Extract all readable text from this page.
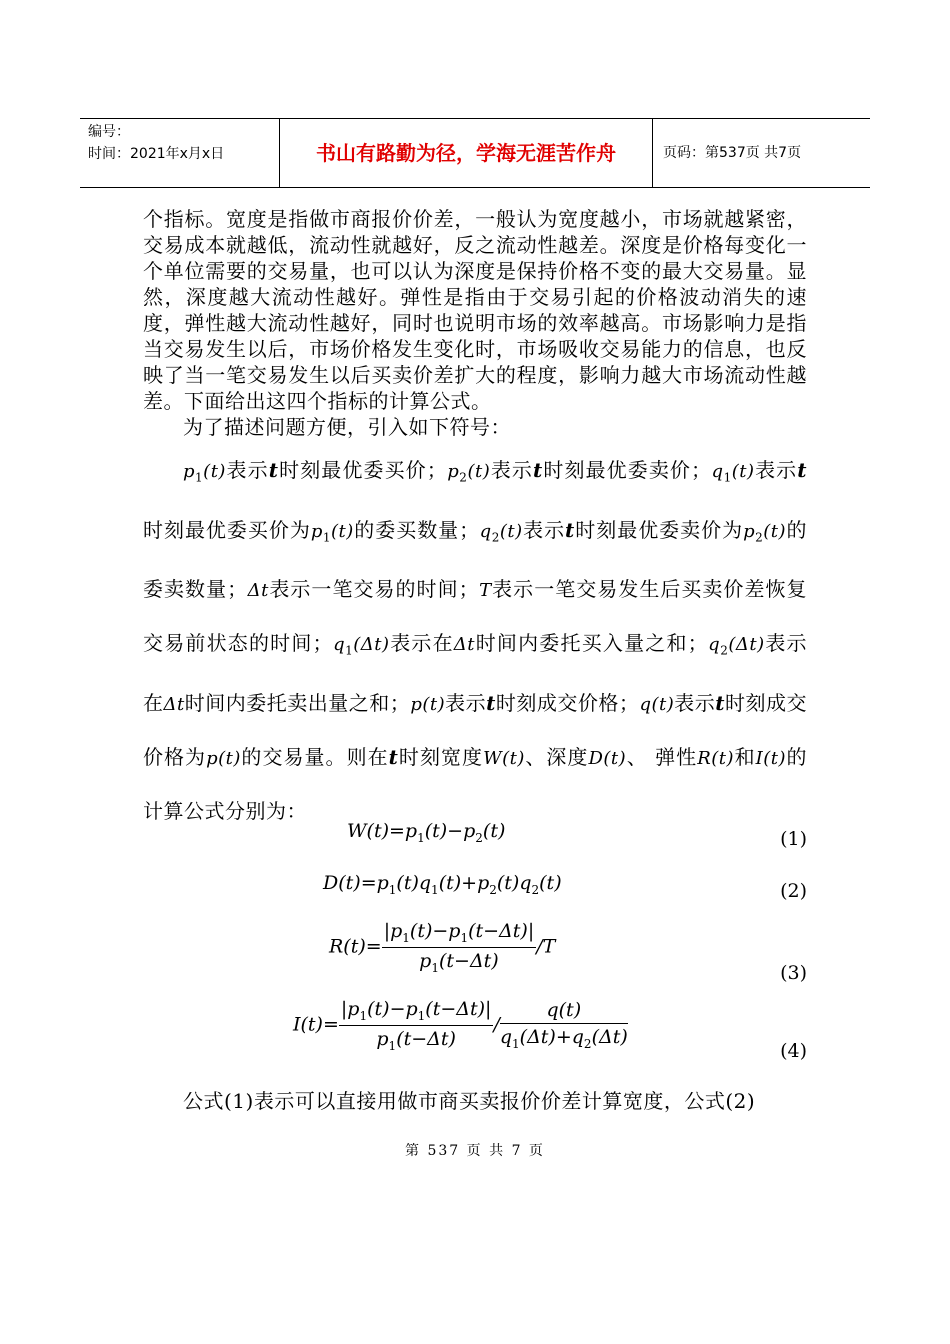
编号：
时间：2021年x月x日	书山有路勤为径，学海无涯苦作舟	页码：第537页 共7页

个指标。宽度是指做市商报价价差，一般认为宽度越小，市场就越紧密，交易成本就越低，流动性就越好，反之流动性越差。深度是价格每变化一个单位需要的交易量，也可以认为深度是保持价格不变的最大交易量。显然，深度越大流动性越好。弹性是指由于交易引起的价格波动消失的速度，弹性越大流动性越好，同时也说明市场的效率越高。市场影响力是指当交易发生以后，市场价格发生变化时，市场吸收交易能力的信息，也反映了当一笔交易发生以后买卖价差扩大的程度，影响力越大市场流动性越差。下面给出这四个指标的计算公式。

为了描述问题方便，引入如下符号：

$p_1(t)$表示t时刻最优委买价；$p_2(t)$表示t时刻最优委卖价；$q_1(t)$表示t时刻最优委买价为$p_1(t)$的委买数量；$q_2(t)$表示t时刻最优委卖价为$p_2(t)$的委卖数量；Δt表示一笔交易的时间；T表示一笔交易发生后买卖价差恢复交易前状态的时间；$q_1(\Delta t)$表示在Δt时间内委托买入量之和；$q_2(\Delta t)$表示在Δt时间内委托卖出量之和；p(t)表示t时刻成交价格；q(t)表示t时刻成交价格为p(t)的交易量。则在t时刻宽度W(t)、深度D(t)、 弹性R(t)和I(t)的计算公式分别为：

$W(t)=p_1(t)-p_2(t)$	(1)
$D(t)=p_1(t)q_1(t)+p_2(t)q_2(t)$	(2)
$R(t)= \frac{|p_1(t)-p_1(t-\Delta t)|}{p_1(t-\Delta t)} /T$
(3)
$I(t)= \frac{|p_1(t)-p_1(t-\Delta t)|}{p_1(t-\Delta t)} / \frac{q(t)}{q_1(\Delta t)+q_2(\Delta t)}$	(4)

公式(1)表示可以直接用做市商买卖报价价差计算宽度，公式(2)

第 537 页 共 7 页
